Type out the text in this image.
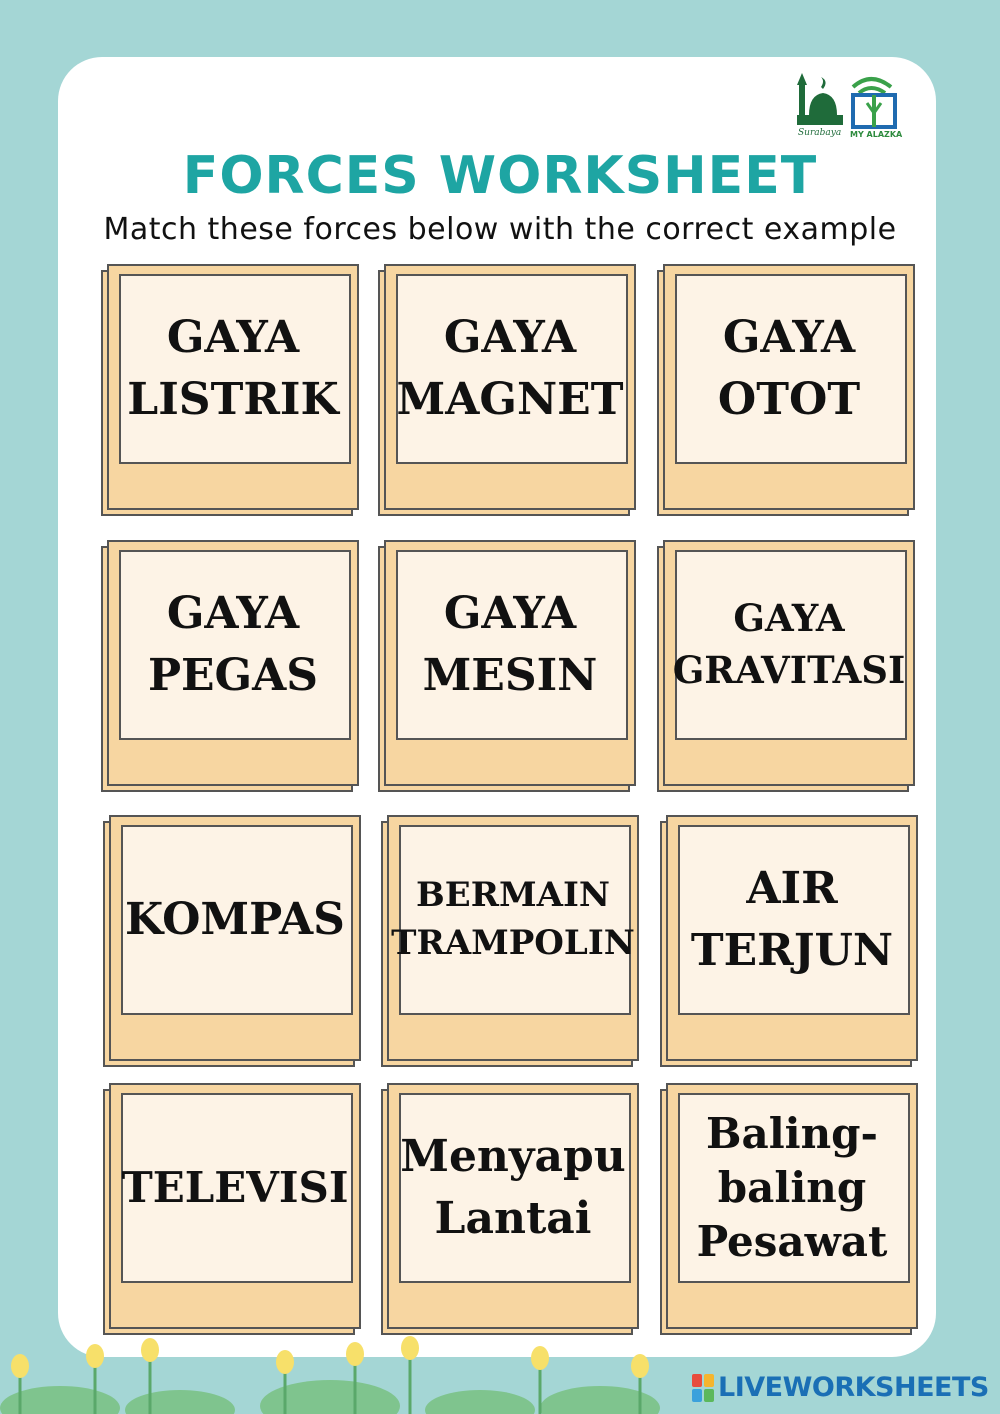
Surabaya MY ALAZKA
FORCES WORKSHEET
Match these forces below with the correct example
GAYA
LISTRIK
GAYA
MAGNET
GAYA
OTOT
GAYA
PEGAS
GAYA
MESIN
GAYA
GRAVITASI
KOMPAS	BERMAIN
TRAMPOLIN
AIR
TERJUN
TELEVISI
Menyapu
Lantai
Baling-
baling
Pesawat
LIVEWORKSHEETS
